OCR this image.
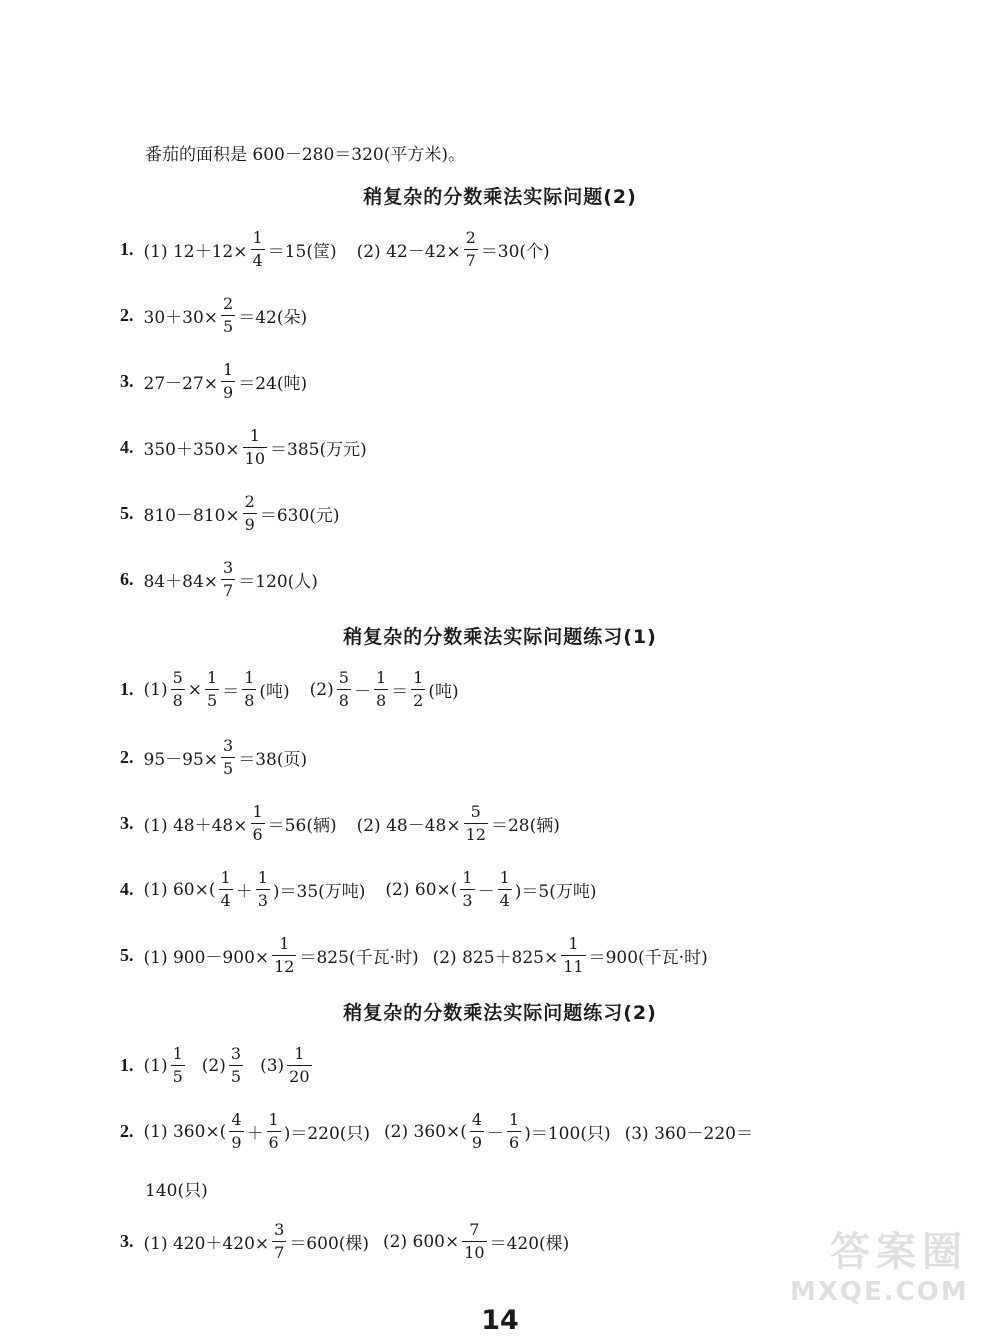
番茄的面积是 600－280＝320(平方米)。
稍复杂的分数乘法实际问题(2)
1. (1) $12+12\times \frac{1}{4} =15$(筐) (2) $42-42\times \frac{2}{7} =30$(个)
2. $30+30\times \frac{2}{5} =42$(朵)
3. $27-27\times \frac{1}{9} =24$(吨)
4. $350+350\times \frac{1}{10} =385$(万元)
5. $810-810\times \frac{2}{9} =630$(元)
6. $84+84\times \frac{3}{7} =120$(人)
稍复杂的分数乘法实际问题练习(1)
1. $(1) \frac{5}{8} \times \frac{1}{5} = \frac{1}{8}$ (吨) $(2) \frac{5}{8} - \frac{1}{8} = \frac{1}{2}$ (吨)
2. $95-95\times \frac{3}{5} =38$(页)
3. (1) $48+48\times \frac{1}{6} =56$(辆) (2) $48-48\times \frac{5}{12} =28$(辆)
4. (1) $60\times( \frac{1}{4} + \frac{1}{3} )=35$(万吨) (2) $60\times( \frac{1}{3} - \frac{1}{4} )=5$(万吨)
5. (1) $900-900\times \frac{1}{12} =825$(千瓦·时) (2) $825+825\times \frac{1}{11} =900$(千瓦·时)
稍复杂的分数乘法实际问题练习(2)
1. $(1) \frac{1}{5} (2) \frac{3}{5} (3) \frac{1}{20}$
2. (1) $360\times( \frac{4}{9} + \frac{1}{6} )=220$(只) (2) $360\times( \frac{4}{9} - \frac{1}{6} )=100$(只) (3) 360－220＝
140(只)
3. (1) $420+420\times \frac{3}{7} =600$(棵) (2) $600\times \frac{7}{10} =420$(棵)
14
答案圈
MXQE.COM
